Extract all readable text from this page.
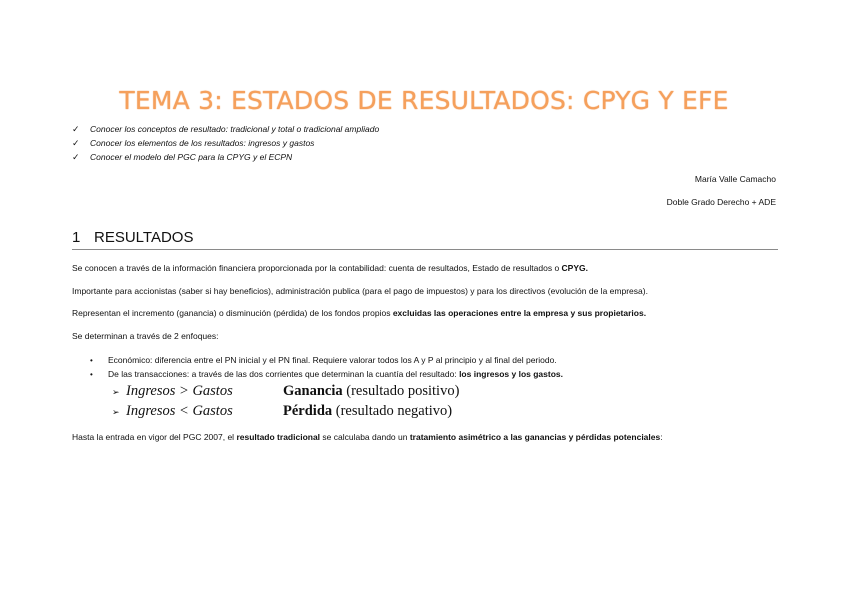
TEMA 3: ESTADOS DE RESULTADOS: CPYG Y EFE
✓ Conocer los conceptos de resultado: tradicional y total o tradicional ampliado
✓ Conocer los elementos de los resultados: ingresos y gastos
✓ Conocer el modelo del PGC para la CPYG y el ECPN
María Valle Camacho
Doble Grado Derecho + ADE
1 RESULTADOS
Se conocen a través de la información financiera proporcionada por la contabilidad: cuenta de resultados, Estado de resultados o CPYG.
Importante para accionistas (saber si hay beneficios), administración publica (para el pago de impuestos) y para los directivos (evolución de la empresa).
Representan el incremento (ganancia) o disminución (pérdida) de los fondos propios excluidas las operaciones entre la empresa y sus propietarios.
Se determinan a través de 2 enfoques:
• Económico: diferencia entre el PN inicial y el PN final. Requiere valorar todos los A y P al principio y al final del periodo.
• De las transacciones: a través de las dos corrientes que determinan la cuantía del resultado: los ingresos y los gastos.
➢ Ingresos > Gastos	Ganancia (resultado positivo)
➢ Ingresos < Gastos	Pérdida (resultado negativo)
Hasta la entrada en vigor del PGC 2007, el resultado tradicional se calculaba dando un tratamiento asimétrico a las ganancias y pérdidas potenciales:
